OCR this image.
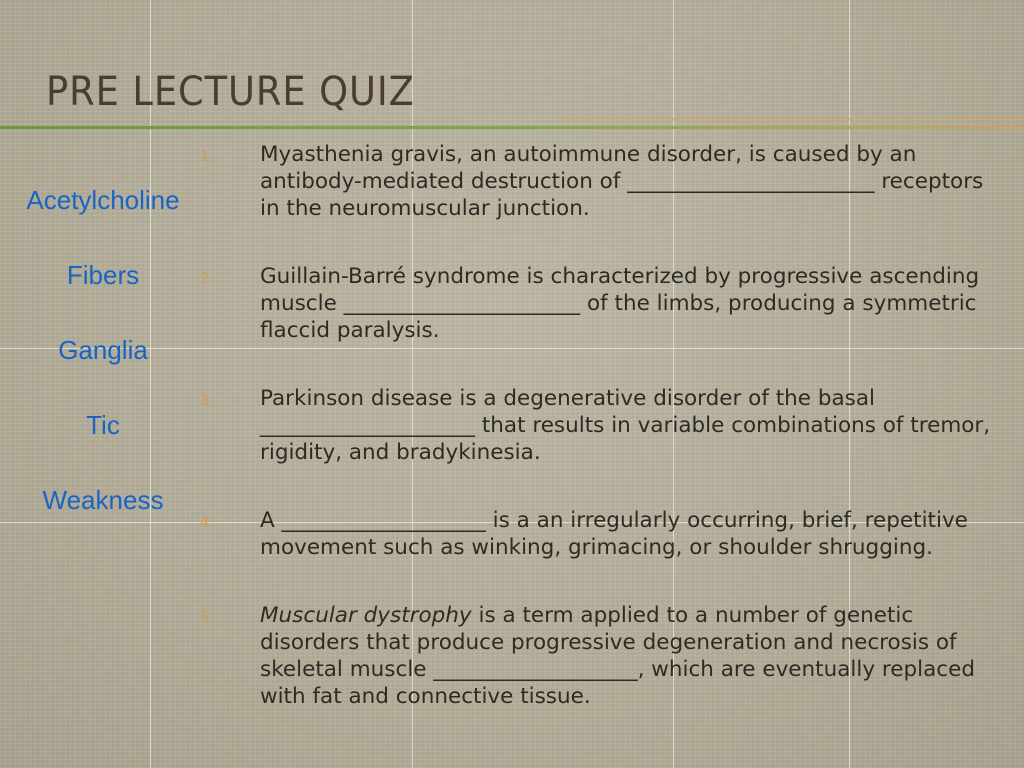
PRE LECTURE QUIZ
Acetylcholine
Fibers
Ganglia
Tic
Weakness
1. Myasthenia gravis, an autoimmune disorder, is caused by an antibody-mediated destruction of _______________________ receptors in the neuromuscular junction.
2. Guillain-Barré syndrome is characterized by progressive ascending muscle ______________________ of the limbs, producing a symmetric flaccid paralysis.
3. Parkinson disease is a degenerative disorder of the basal ____________________ that results in variable combinations of tremor, rigidity, and bradykinesia.
4. A ___________________ is a an irregularly occurring, brief, repetitive movement such as winking, grimacing, or shoulder shrugging.
5. Muscular dystrophy is a term applied to a number of genetic disorders that produce progressive degeneration and necrosis of skeletal muscle ___________________, which are eventually replaced with fat and connective tissue.
